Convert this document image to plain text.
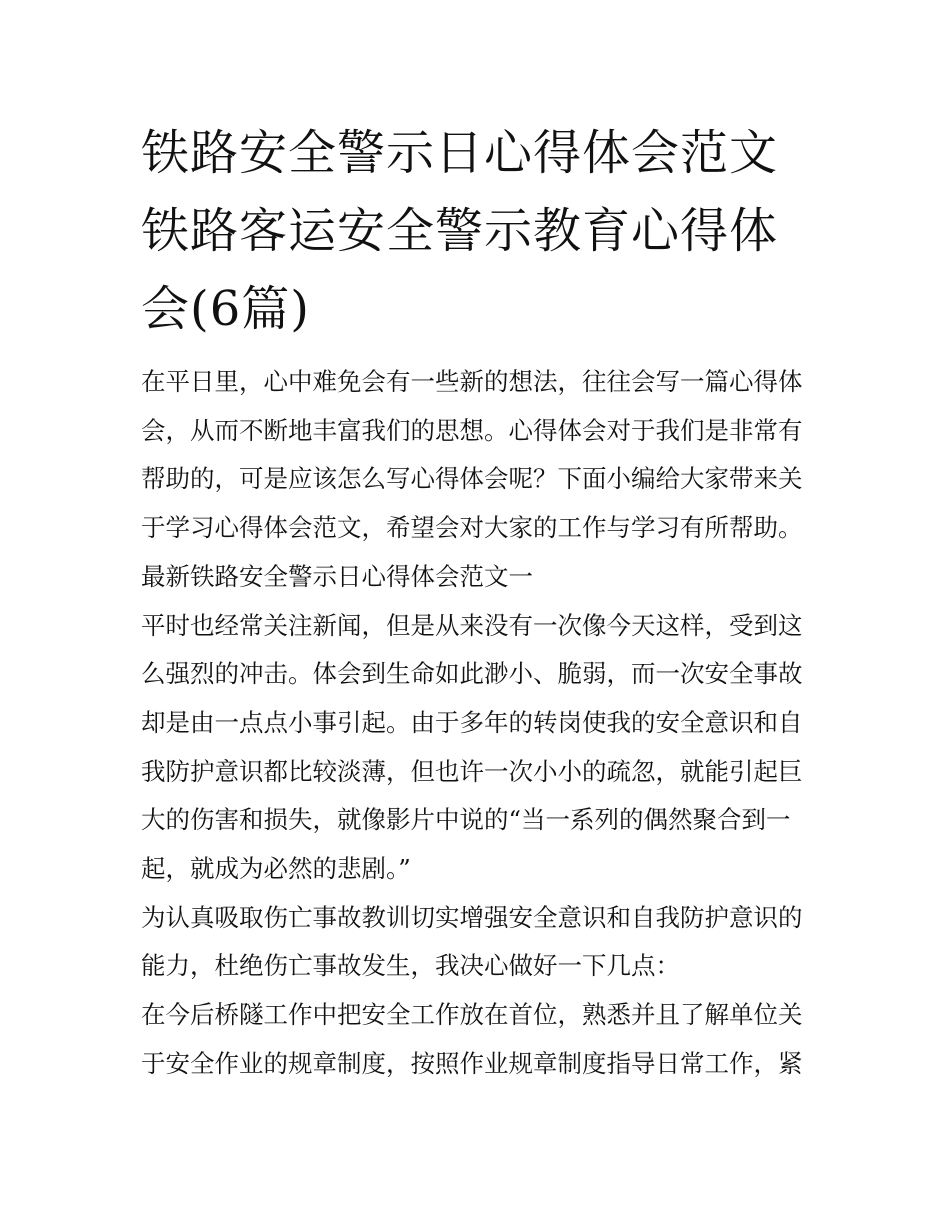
铁路安全警示日心得体会范文
铁路客运安全警示教育心得体
会(6篇)

在平日里，心中难免会有一些新的想法，往往会写一篇心得体
会，从而不断地丰富我们的思想。心得体会对于我们是非常有
帮助的，可是应该怎么写心得体会呢？下面小编给大家带来关
于学习心得体会范文，希望会对大家的工作与学习有所帮助。

最新铁路安全警示日心得体会范文一

平时也经常关注新闻，但是从来没有一次像今天这样，受到这
么强烈的冲击。体会到生命如此渺小、脆弱，而一次安全事故
却是由一点点小事引起。由于多年的转岗使我的安全意识和自
我防护意识都比较淡薄，但也许一次小小的疏忽，就能引起巨
大的伤害和损失，就像影片中说的“当一系列的偶然聚合到一
起，就成为必然的悲剧。”

为认真吸取伤亡事故教训切实增强安全意识和自我防护意识的
能力，杜绝伤亡事故发生，我决心做好一下几点：

在今后桥隧工作中把安全工作放在首位，熟悉并且了解单位关
于安全作业的规章制度，按照作业规章制度指导日常工作，紧
